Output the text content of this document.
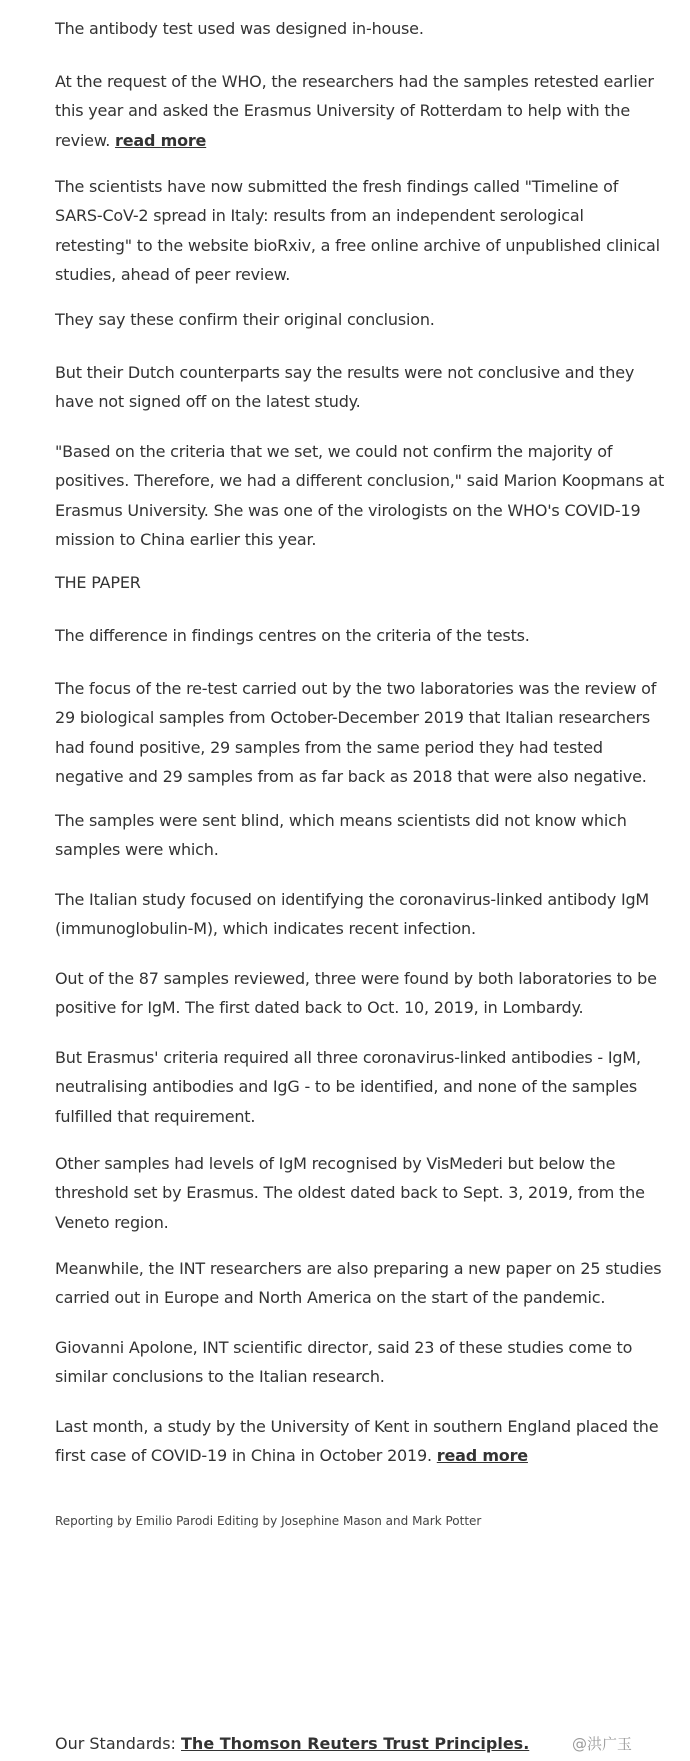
The antibody test used was designed in-house.

At the request of the WHO, the researchers had the samples retested earlier this year and asked the Erasmus University of Rotterdam to help with the review. read more

The scientists have now submitted the fresh findings called "Timeline of SARS-CoV-2 spread in Italy: results from an independent serological retesting" to the website bioRxiv, a free online archive of unpublished clinical studies, ahead of peer review.

They say these confirm their original conclusion.

But their Dutch counterparts say the results were not conclusive and they have not signed off on the latest study.

"Based on the criteria that we set, we could not confirm the majority of positives. Therefore, we had a different conclusion," said Marion Koopmans at Erasmus University. She was one of the virologists on the WHO's COVID-19 mission to China earlier this year.

THE PAPER

The difference in findings centres on the criteria of the tests.

The focus of the re-test carried out by the two laboratories was the review of 29 biological samples from October-December 2019 that Italian researchers had found positive, 29 samples from the same period they had tested negative and 29 samples from as far back as 2018 that were also negative.

The samples were sent blind, which means scientists did not know which samples were which.

The Italian study focused on identifying the coronavirus-linked antibody IgM (immunoglobulin-M), which indicates recent infection.

Out of the 87 samples reviewed, three were found by both laboratories to be positive for IgM. The first dated back to Oct. 10, 2019, in Lombardy.

But Erasmus' criteria required all three coronavirus-linked antibodies - IgM, neutralising antibodies and IgG - to be identified, and none of the samples fulfilled that requirement.

Other samples had levels of IgM recognised by VisMederi but below the threshold set by Erasmus. The oldest dated back to Sept. 3, 2019, from the Veneto region.

Meanwhile, the INT researchers are also preparing a new paper on 25 studies carried out in Europe and North America on the start of the pandemic.

Giovanni Apolone, INT scientific director, said 23 of these studies come to similar conclusions to the Italian research.

Last month, a study by the University of Kent in southern England placed the first case of COVID-19 in China in October 2019. read more

Reporting by Emilio Parodi Editing by Josephine Mason and Mark Potter

Our Standards: The Thomson Reuters Trust Principles.	@洪广玉
